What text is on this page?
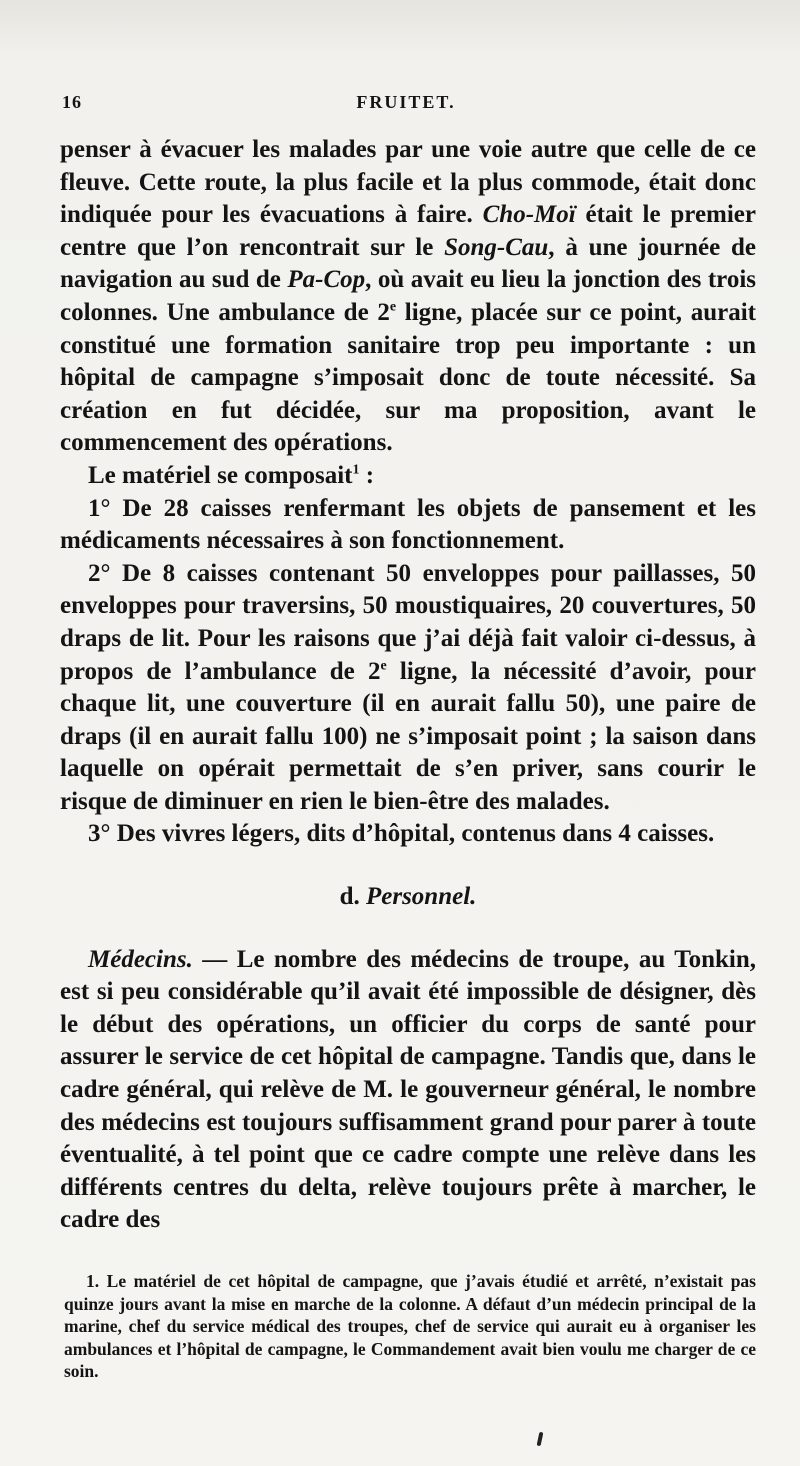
16	FRUITET.

penser à évacuer les malades par une voie autre que celle de ce fleuve. Cette route, la plus facile et la plus commode, était donc indiquée pour les évacuations à faire. Cho-Moï était le premier centre que l’on rencontrait sur le Song-Cau, à une journée de navigation au sud de Pa-Cop, où avait eu lieu la jonction des trois colonnes. Une ambulance de 2e ligne, placée sur ce point, aurait constitué une formation sanitaire trop peu importante : un hôpital de campagne s’imposait donc de toute nécessité. Sa création en fut décidée, sur ma proposition, avant le commencement des opérations.

Le matériel se composait$^1$ :

1° De 28 caisses renfermant les objets de pansement et les médicaments nécessaires à son fonctionnement.

2° De 8 caisses contenant 50 enveloppes pour paillasses, 50 enveloppes pour traversins, 50 moustiquaires, 20 couvertures, 50 draps de lit. Pour les raisons que j’ai déjà fait valoir ci-dessus, à propos de l’ambulance de 2e ligne, la nécessité d’avoir, pour chaque lit, une couverture (il en aurait fallu 50), une paire de draps (il en aurait fallu 100) ne s’imposait point ; la saison dans laquelle on opérait permettait de s’en priver, sans courir le risque de diminuer en rien le bien-être des malades.

3° Des vivres légers, dits d’hôpital, contenus dans 4 caisses.

d. Personnel.

Médecins. — Le nombre des médecins de troupe, au Tonkin, est si peu considérable qu’il avait été impossible de désigner, dès le début des opérations, un officier du corps de santé pour assurer le service de cet hôpital de campagne. Tandis que, dans le cadre général, qui relève de M. le gouverneur général, le nombre des médecins est toujours suffisamment grand pour parer à toute éventualité, à tel point que ce cadre compte une relève dans les différents centres du delta, relève toujours prête à marcher, le cadre des

1. Le matériel de cet hôpital de campagne, que j’avais étudié et arrêté, n’existait pas quinze jours avant la mise en marche de la colonne. A défaut d’un médecin principal de la marine, chef du service médical des troupes, chef de service qui aurait eu à organiser les ambulances et l’hôpital de campagne, le Commandement avait bien voulu me charger de ce soin.
